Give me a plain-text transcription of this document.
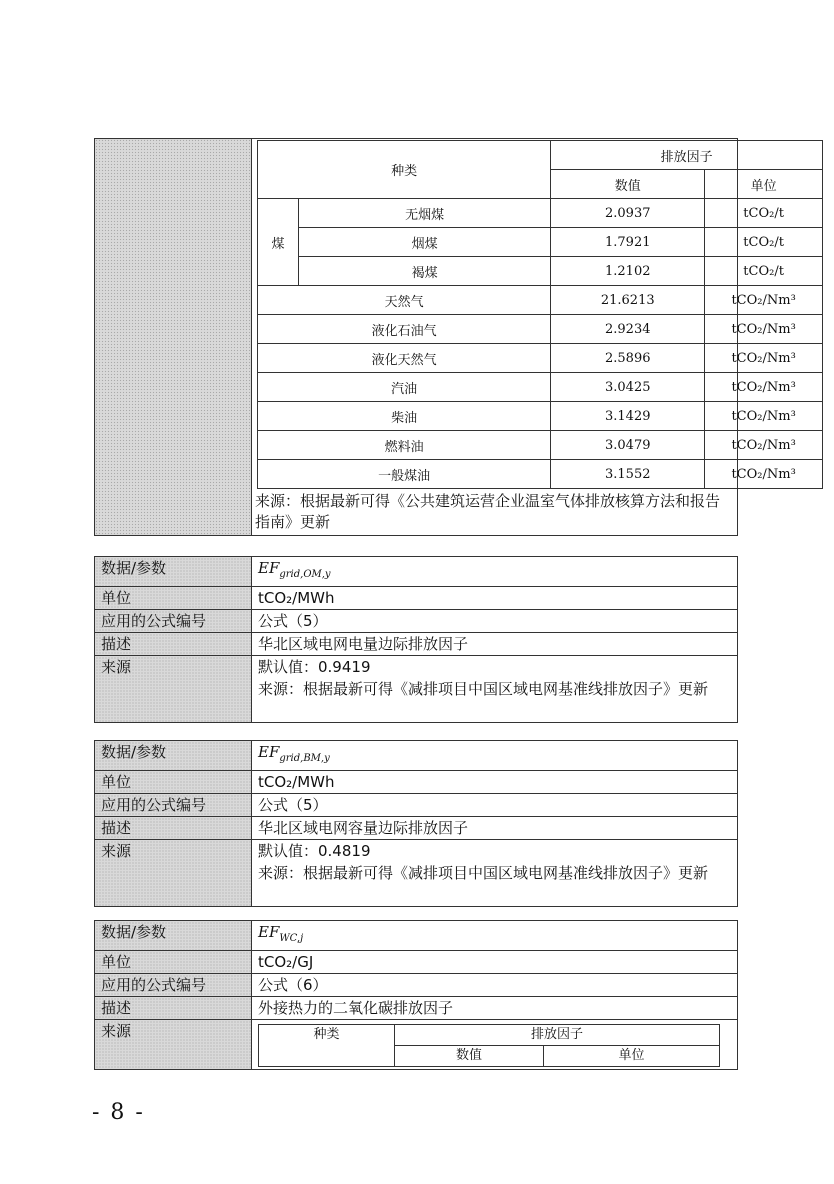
种类		排放因子	
		数值	单位
煤	无烟煤	2.0937	tCO₂/t
	烟煤	1.7921	tCO₂/t
	褐煤	1.2102	tCO₂/t
天然气		21.6213	tCO₂/Nm³
液化石油气		2.9234	tCO₂/Nm³
液化天然气		2.5896	tCO₂/Nm³
汽油		3.0425	tCO₂/Nm³
柴油		3.1429	tCO₂/Nm³
燃料油		3.0479	tCO₂/Nm³
一般煤油		3.1552	tCO₂/Nm³
来源：根据最新可得《公共建筑运营企业温室气体排放核算方法和报告指南》更新
数据/参数	$EF_{grid,OM,y}$
单位	tCO₂/MWh
应用的公式编号	公式（5）
描述	华北区域电网电量边际排放因子
来源	默认值：0.9419
来源：根据最新可得《减排项目中国区域电网基准线排放因子》更新
数据/参数	$EF_{grid,BM,y}$
单位	tCO₂/MWh
应用的公式编号	公式（5）
描述	华北区域电网容量边际排放因子
来源	默认值：0.4819
来源：根据最新可得《减排项目中国区域电网基准线排放因子》更新
数据/参数	$EF_{WC,j}$
单位	tCO₂/GJ
应用的公式编号	公式（6）
描述	外接热力的二氧化碳排放因子
来源		种类	排放因子
数值	单位
- 8 -
